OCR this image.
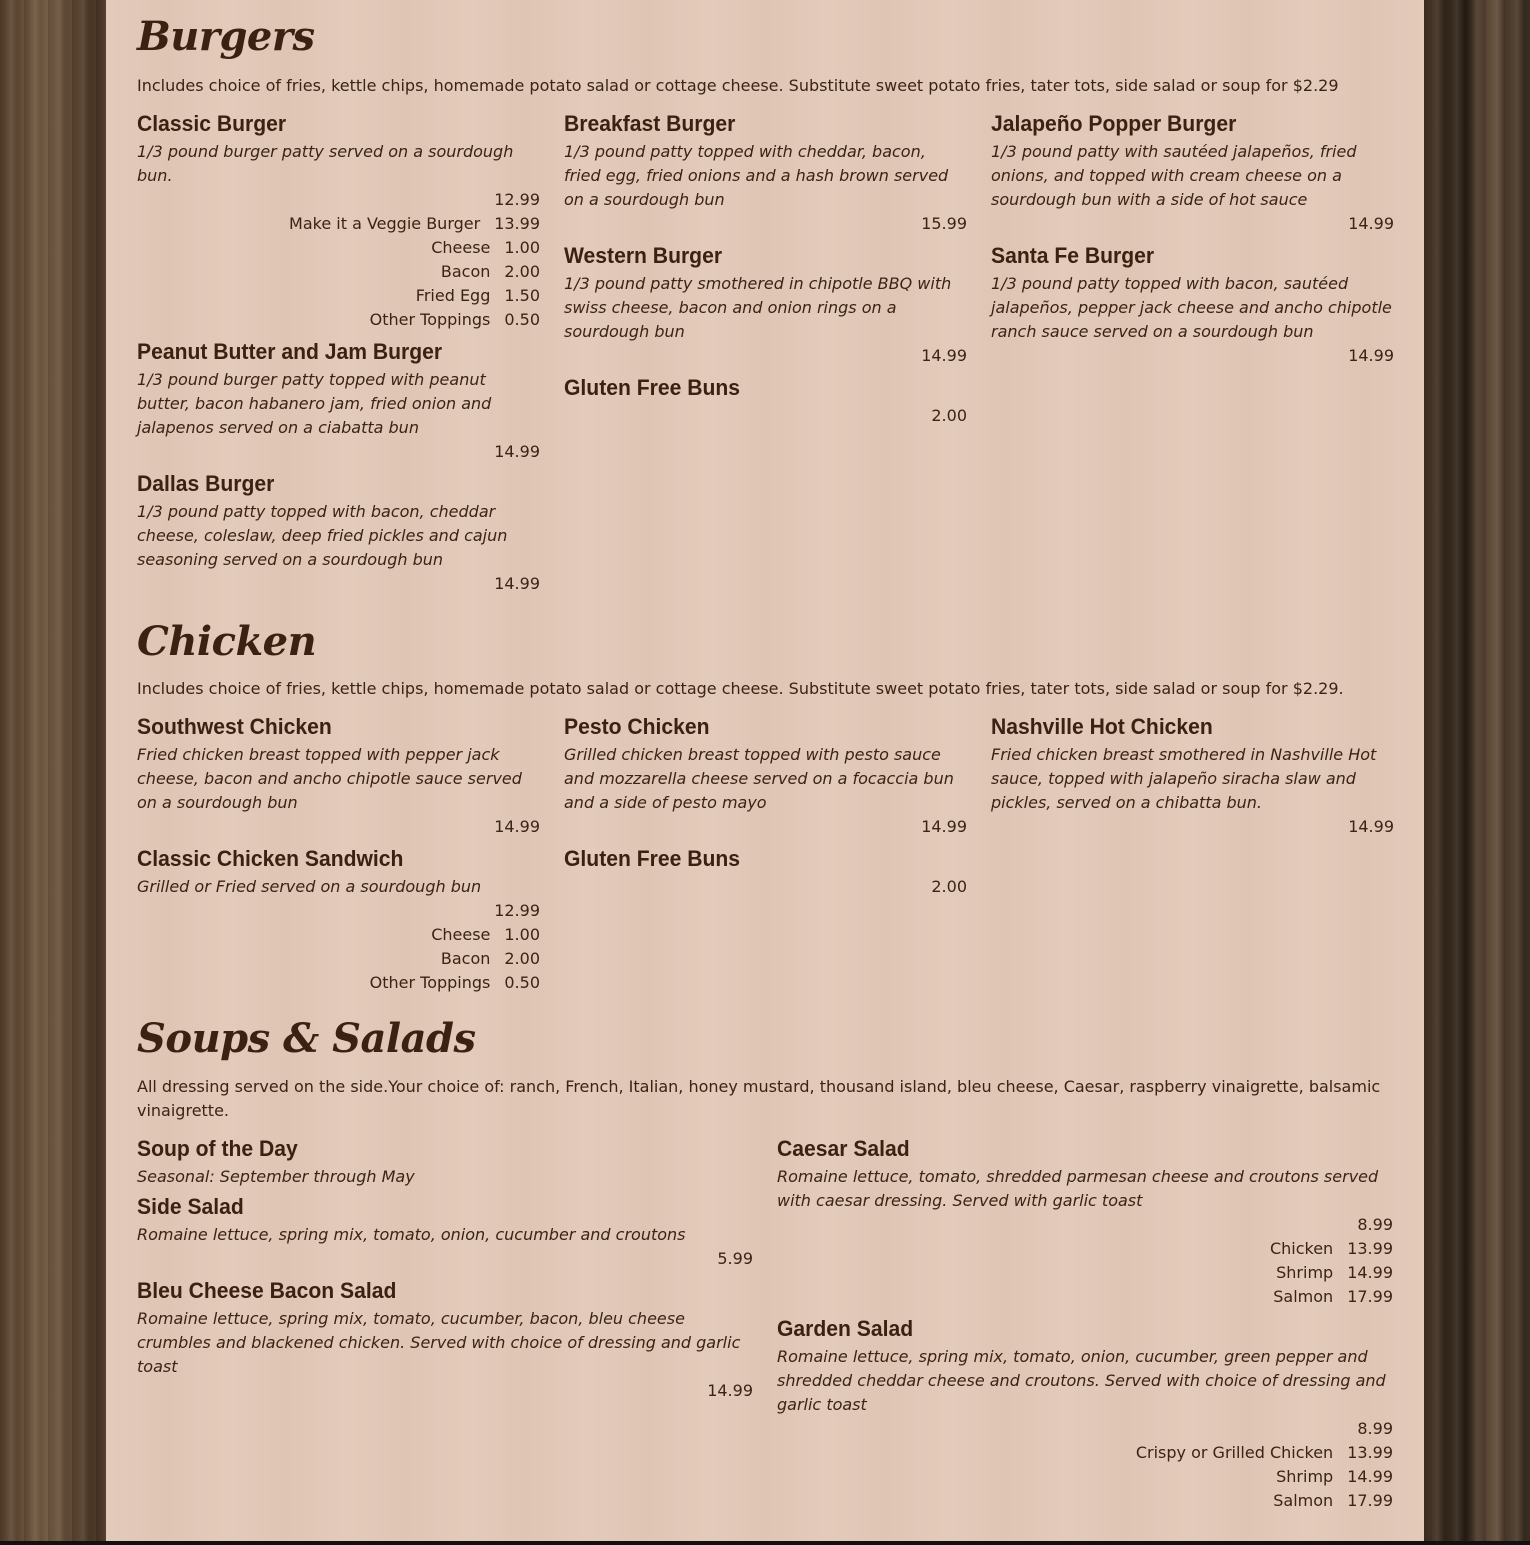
Burgers

Includes choice of fries, kettle chips, homemade potato salad or cottage cheese. Substitute sweet potato fries, tater tots, side salad or soup for $2.29

Classic Burger
1/3 pound burger patty served on a sourdough bun.
12.99
Make it a Veggie Burger 13.99
Cheese 1.00
Bacon 2.00
Fried Egg 1.50
Other Toppings 0.50
Peanut Butter and Jam Burger
1/3 pound burger patty topped with peanut butter, bacon habanero jam, fried onion and jalapenos served on a ciabatta bun
14.99
Dallas Burger
1/3 pound patty topped with bacon, cheddar cheese, coleslaw, deep fried pickles and cajun seasoning served on a sourdough bun
14.99
Breakfast Burger
1/3 pound patty topped with cheddar, bacon, fried egg, fried onions and a hash brown served on a sourdough bun
15.99
Western Burger
1/3 pound patty smothered in chipotle BBQ with swiss cheese, bacon and onion rings on a sourdough bun
14.99
Gluten Free Buns
2.00
Jalapeño Popper Burger
1/3 pound patty with sautéed jalapeños, fried onions, and topped with cream cheese on a sourdough bun with a side of hot sauce
14.99
Santa Fe Burger
1/3 pound patty topped with bacon, sautéed jalapeños, pepper jack cheese and ancho chipotle ranch sauce served on a sourdough bun
14.99
Chicken

Includes choice of fries, kettle chips, homemade potato salad or cottage cheese. Substitute sweet potato fries, tater tots, side salad or soup for $2.29.

Southwest Chicken
Fried chicken breast topped with pepper jack cheese, bacon and ancho chipotle sauce served on a sourdough bun
14.99
Classic Chicken Sandwich
Grilled or Fried served on a sourdough bun
12.99
Cheese 1.00
Bacon 2.00
Other Toppings 0.50
Pesto Chicken
Grilled chicken breast topped with pesto sauce and mozzarella cheese served on a focaccia bun and a side of pesto mayo
14.99
Gluten Free Buns
2.00
Nashville Hot Chicken
Fried chicken breast smothered in Nashville Hot sauce, topped with jalapeño siracha slaw and pickles, served on a chibatta bun.
14.99
Soups & Salads

All dressing served on the side.Your choice of: ranch, French, Italian, honey mustard, thousand island, bleu cheese, Caesar, raspberry vinaigrette, balsamic vinaigrette.

Soup of the Day
Seasonal: September through May
Side Salad
Romaine lettuce, spring mix, tomato, onion, cucumber and croutons
5.99
Bleu Cheese Bacon Salad
Romaine lettuce, spring mix, tomato, cucumber, bacon, bleu cheese crumbles and blackened chicken. Served with choice of dressing and garlic toast
14.99
Caesar Salad
Romaine lettuce, tomato, shredded parmesan cheese and croutons served with caesar dressing. Served with garlic toast
8.99
Chicken 13.99
Shrimp 14.99
Salmon 17.99
Garden Salad
Romaine lettuce, spring mix, tomato, onion, cucumber, green pepper and shredded cheddar cheese and croutons. Served with choice of dressing and garlic toast
8.99
Crispy or Grilled Chicken 13.99
Shrimp 14.99
Salmon 17.99
